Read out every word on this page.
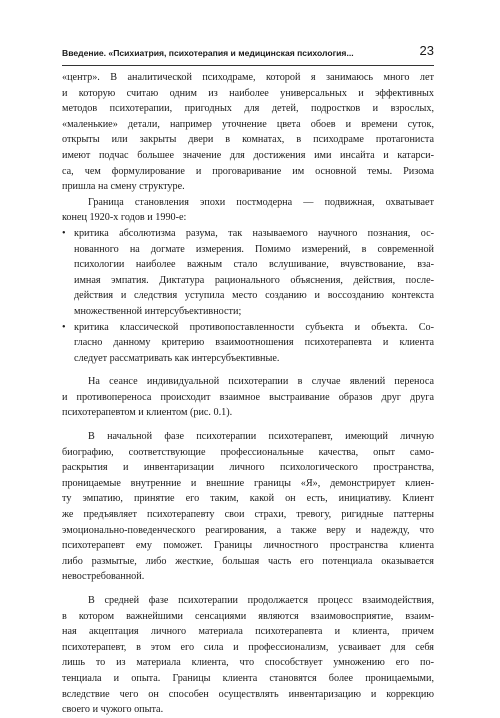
Введение. «Психиатрия, психотерапия и медицинская психология...	23
«центр». В аналитической психодраме, которой я занимаюсь много лет
и которую считаю одним из наиболее универсальных и эффективных
методов психотерапии, пригодных для детей, подростков и взрослых,
«маленькие» детали, например уточнение цвета обоев и времени суток,
открыты или закрыты двери в комнатах, в психодраме протагониста
имеют подчас большее значение для достижения ими инсайта и катарси-
са, чем формулирование и проговаривание им основной темы. Ризома
пришла на смену структуре.
Граница становления эпохи постмодерна — подвижная, охватывает
конец 1920-х годов и 1990-е:
• критика абсолютизма разума, так называемого научного познания, ос-
нованного на догмате измерения. Помимо измерений, в современной
психологии наиболее важным стало вслушивание, вчувствование, вза-
имная эмпатия. Диктатура рационального объяснения, действия, после-
действия и следствия уступила место созданию и воссозданию контекста
множественной интерсубъективности;
• критика классической противопоставленности субъекта и объекта. Со-
гласно данному критерию взаимоотношения психотерапевта и клиента
следует рассматривать как интерсубъективные.
На сеансе индивидуальной психотерапии в случае явлений переноса
и противопереноса происходит взаимное выстраивание образов друг друга
психотерапевтом и клиентом (рис. 0.1).
В начальной фазе психотерапии психотерапевт, имеющий личную
биографию, соответствующие профессиональные качества, опыт само-
раскрытия и инвентаризации личного психологического пространства,
проницаемые внутренние и внешние границы «Я», демонстрирует клиен-
ту эмпатию, принятие его таким, какой он есть, инициативу. Клиент
же предъявляет психотерапевту свои страхи, тревогу, ригидные паттерны
эмоционально-поведенческого реагирования, а также веру и надежду, что
психотерапевт ему поможет. Границы личностного пространства клиента
либо размытые, либо жесткие, большая часть его потенциала оказывается
невостребованной.
В средней фазе психотерапии продолжается процесс взаимодействия,
в котором важнейшими сенсациями являются взаимовосприятие, взаим-
ная акцептация личного материала психотерапевта и клиента, причем
психотерапевт, в этом его сила и профессионализм, усваивает для себя
лишь то из материала клиента, что способствует умножению его по-
тенциала и опыта. Границы клиента становятся более проницаемыми,
вследствие чего он способен осуществлять инвентаризацию и коррекцию
своего и чужого опыта.
